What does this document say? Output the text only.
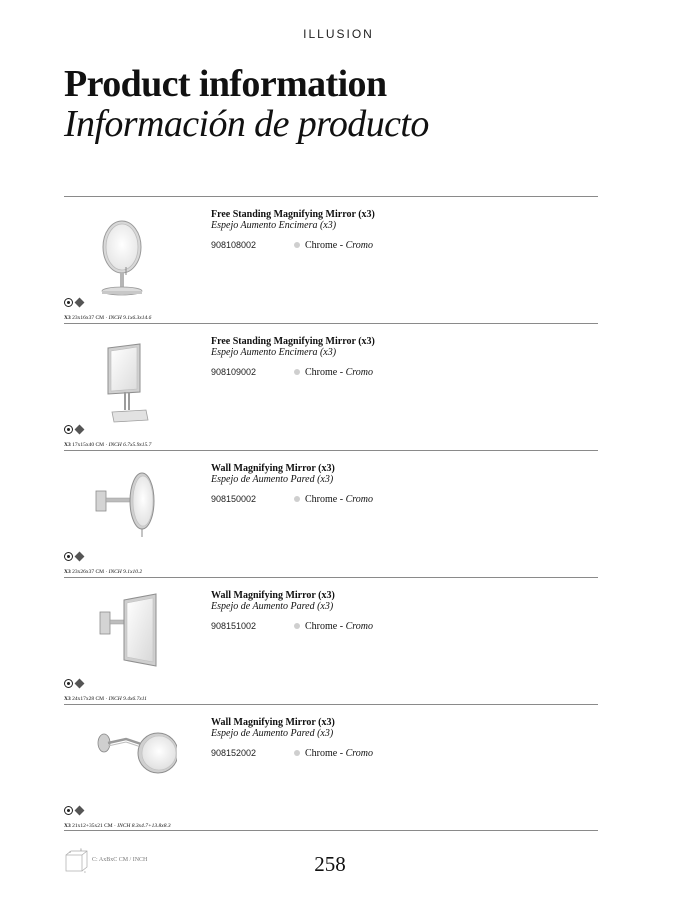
ILLUSION
Product information
Información de producto
Free Standing Magnifying Mirror (x3)
Espejo Aumento Encimera (x3)
908108002	Chrome - Cromo
X3 23x16x37 CM · INCH 9.1x6.3x14.6
Free Standing Magnifying Mirror (x3)
Espejo Aumento Encimera (x3)
908109002	Chrome - Cromo
X3 17x15x40 CM · INCH 6.7x5.9x15.7
Wall Magnifying Mirror (x3)
Espejo de Aumento Pared (x3)
908150002	Chrome - Cromo
X3 23x26x37 CM · INCH 9.1x10.2
Wall Magnifying Mirror (x3)
Espejo de Aumento Pared (x3)
908151002	Chrome - Cromo
X3 24x17x28 CM · INCH 9.4x6.7x11
Wall Magnifying Mirror (x3)
Espejo de Aumento Pared (x3)
908152002	Chrome - Cromo
X3 21x12+35x21 CM · INCH 8.3x4.7+13.8x8.3
A
B
C
C: AxBxC CM / INCH	258
